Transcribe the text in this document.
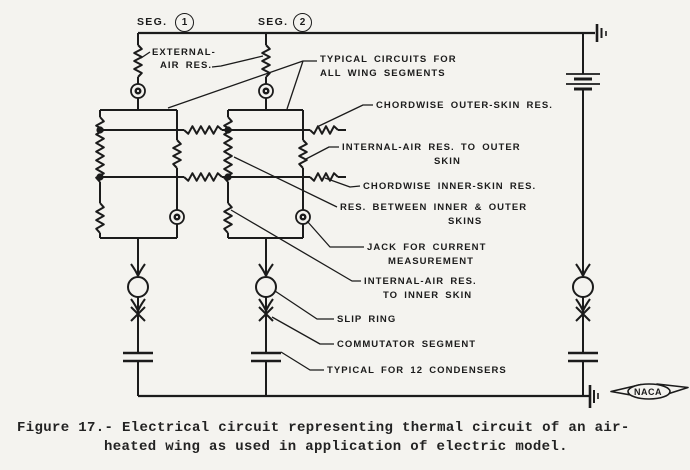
SEG.	1	SEG.	2
EXTERNAL-
AIR RES.
TYPICAL CIRCUITS FOR
ALL WING SEGMENTS
CHORDWISE OUTER-SKIN RES.
INTERNAL-AIR RES. TO OUTER
SKIN
CHORDWISE INNER-SKIN RES.
RES. BETWEEN INNER & OUTER
SKINS
JACK FOR CURRENT
MEASUREMENT
INTERNAL-AIR RES.
TO INNER SKIN
SLIP RING
COMMUTATOR SEGMENT
TYPICAL FOR 12 CONDENSERS
NACA
Figure 17.- Electrical circuit representing thermal circuit of an air-
heated wing as used in application of electric model.
